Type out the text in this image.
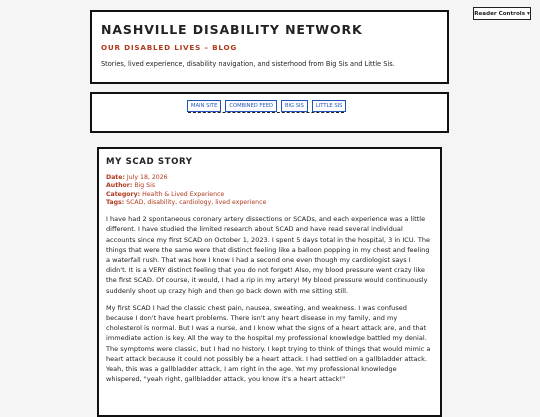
Reader Controls ▾
NASHVILLE DISABILITY NETWORK
OUR DISABLED LIVES – BLOG
Stories, lived experience, disability navigation, and sisterhood from Big Sis and Little Sis.
MAIN SITE	COMBINED FEED	BIG SIS	LITTLE SIS
MY SCAD STORY
Date: July 18, 2026
Author: Big Sis
Category: Health & Lived Experience
Tags: SCAD, disability, cardiology, lived experience

I have had 2 spontaneous coronary artery dissections or SCADs, and each experience was a little different. I have studied the limited research about SCAD and have read several individual accounts since my first SCAD on October 1, 2023. I spent 5 days total in the hospital, 3 in ICU. The things that were the same were that distinct feeling like a balloon popping in my chest and feeling a waterfall rush. That was how I know I had a second one even though my cardiologist says I didn't. It is a VERY distinct feeling that you do not forget! Also, my blood pressure went crazy like the first SCAD. Of course, it would, I had a rip in my artery! My blood pressure would continuously suddenly shoot up crazy high and then go back down with me sitting still.

My first SCAD I had the classic chest pain, nausea, sweating, and weakness. I was confused because I don't have heart problems. There isn't any heart disease in my family, and my cholesterol is normal. But I was a nurse, and I know what the signs of a heart attack are, and that immediate action is key. All the way to the hospital my professional knowledge battled my denial. The symptoms were classic, but I had no history. I kept trying to think of things that would mimic a heart attack because it could not possibly be a heart attack. I had settled on a gallbladder attack. Yeah, this was a gallbladder attack, I am right in the age. Yet my professional knowledge whispered, "yeah right, gallbladder attack, you know it's a heart attack!"
